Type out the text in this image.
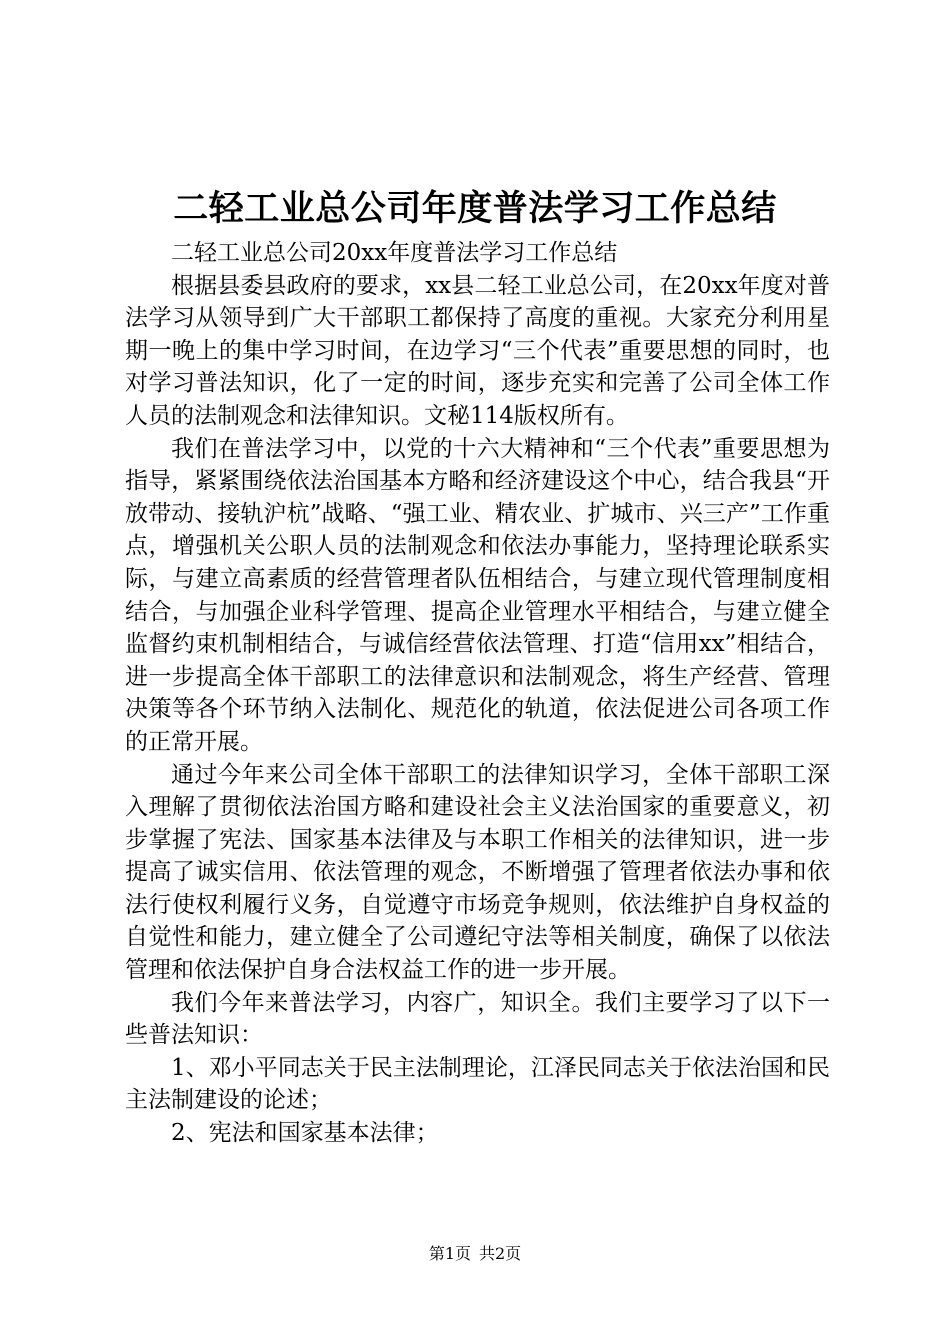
二轻工业总公司年度普法学习工作总结

二轻工业总公司20xx年度普法学习工作总结

根据县委县政府的要求，xx县二轻工业总公司，在20xx年度对普法学习从领导到广大干部职工都保持了高度的重视。大家充分利用星期一晚上的集中学习时间，在边学习“三个代表”重要思想的同时，也对学习普法知识，化了一定的时间，逐步充实和完善了公司全体工作人员的法制观念和法律知识。文秘114版权所有。

我们在普法学习中，以党的十六大精神和“三个代表”重要思想为指导，紧紧围绕依法治国基本方略和经济建设这个中心，结合我县“开放带动、接轨沪杭”战略、“强工业、精农业、扩城市、兴三产”工作重点，增强机关公职人员的法制观念和依法办事能力，坚持理论联系实际，与建立高素质的经营管理者队伍相结合，与建立现代管理制度相结合，与加强企业科学管理、提高企业管理水平相结合，与建立健全监督约束机制相结合，与诚信经营依法管理、打造“信用xx”相结合，进一步提高全体干部职工的法律意识和法制观念，将生产经营、管理决策等各个环节纳入法制化、规范化的轨道，依法促进公司各项工作的正常开展。

通过今年来公司全体干部职工的法律知识学习，全体干部职工深入理解了贯彻依法治国方略和建设社会主义法治国家的重要意义，初步掌握了宪法、国家基本法律及与本职工作相关的法律知识，进一步提高了诚实信用、依法管理的观念，不断增强了管理者依法办事和依法行使权利履行义务，自觉遵守市场竞争规则，依法维护自身权益的自觉性和能力，建立健全了公司遵纪守法等相关制度，确保了以依法管理和依法保护自身合法权益工作的进一步开展。

我们今年来普法学习，内容广，知识全。我们主要学习了以下一些普法知识：

1、邓小平同志关于民主法制理论，江泽民同志关于依法治国和民主法制建设的论述；

2、宪法和国家基本法律；

第1页 共2页
